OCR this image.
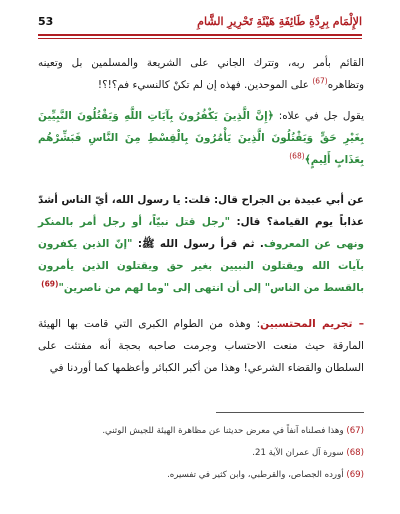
الإِلْمَام بِرِدَّةِ طَائِفَةِ هَيْئَةِ تَحْرِيرِ الشَّامِ
53

القائم بأمر ربه، وتترك الجاني على الشريعة والمسلمين بل وتعينه وتظاهره$^{(67)}$ على الموحدين. فهذه إن لم تكنْ كالنسيء فم؟!؟!

يقول جل في علاه: ﴿إِنَّ الَّذِينَ يَكْفُرُونَ بِآيَاتِ اللَّهِ وَيَقْتُلُونَ النَّبِيِّينَ بِغَيْرِ حَقٍّ وَيَقْتُلُونَ الَّذِينَ يَأْمُرُونَ بِالْقِسْطِ مِنَ النَّاسِ فَبَشِّرْهُم بِعَذَابٍ أَلِيمٍ﴾$^{(68)}$

عن أبي عبيدة بن الجراح قال: قلت: يا رسول الله، أيّ الناس أشدّ عذاباً يوم القيامة؟ قال: "رجل قتل نبيّاً، أو رجل أمر بالمنكر ونهى عن المعروف. ثم قرأ رسول الله ﷺ: "إنّ الذين يكفرون بآيات الله ويقتلون النبيين بغير حق ويقتلون الذين يأمرون بالقسط من الناس" إلى أن انتهى إلى "وما لهم من ناصرين"$^{(69)}$

– تجريم المحتسبين: وهذه من الطوام الكبرى التي قامت بها الهيئة المارقة حيث منعت الاحتساب وجرمت صاحبه بحجة أنه مفتئت على السلطان والقضاء الشرعي! وهذا من أكبر الكبائر وأعظمها كما أوردنا في

(67) وهذا فصلناه آنفاً في معرض حديثنا عن مظاهرة الهيئة للجيش الوثني.

(68) سورة آل عمران الآية 21.

(69) أورده الجصاص، والقرطبي، وابن كثير في تفسيره.
